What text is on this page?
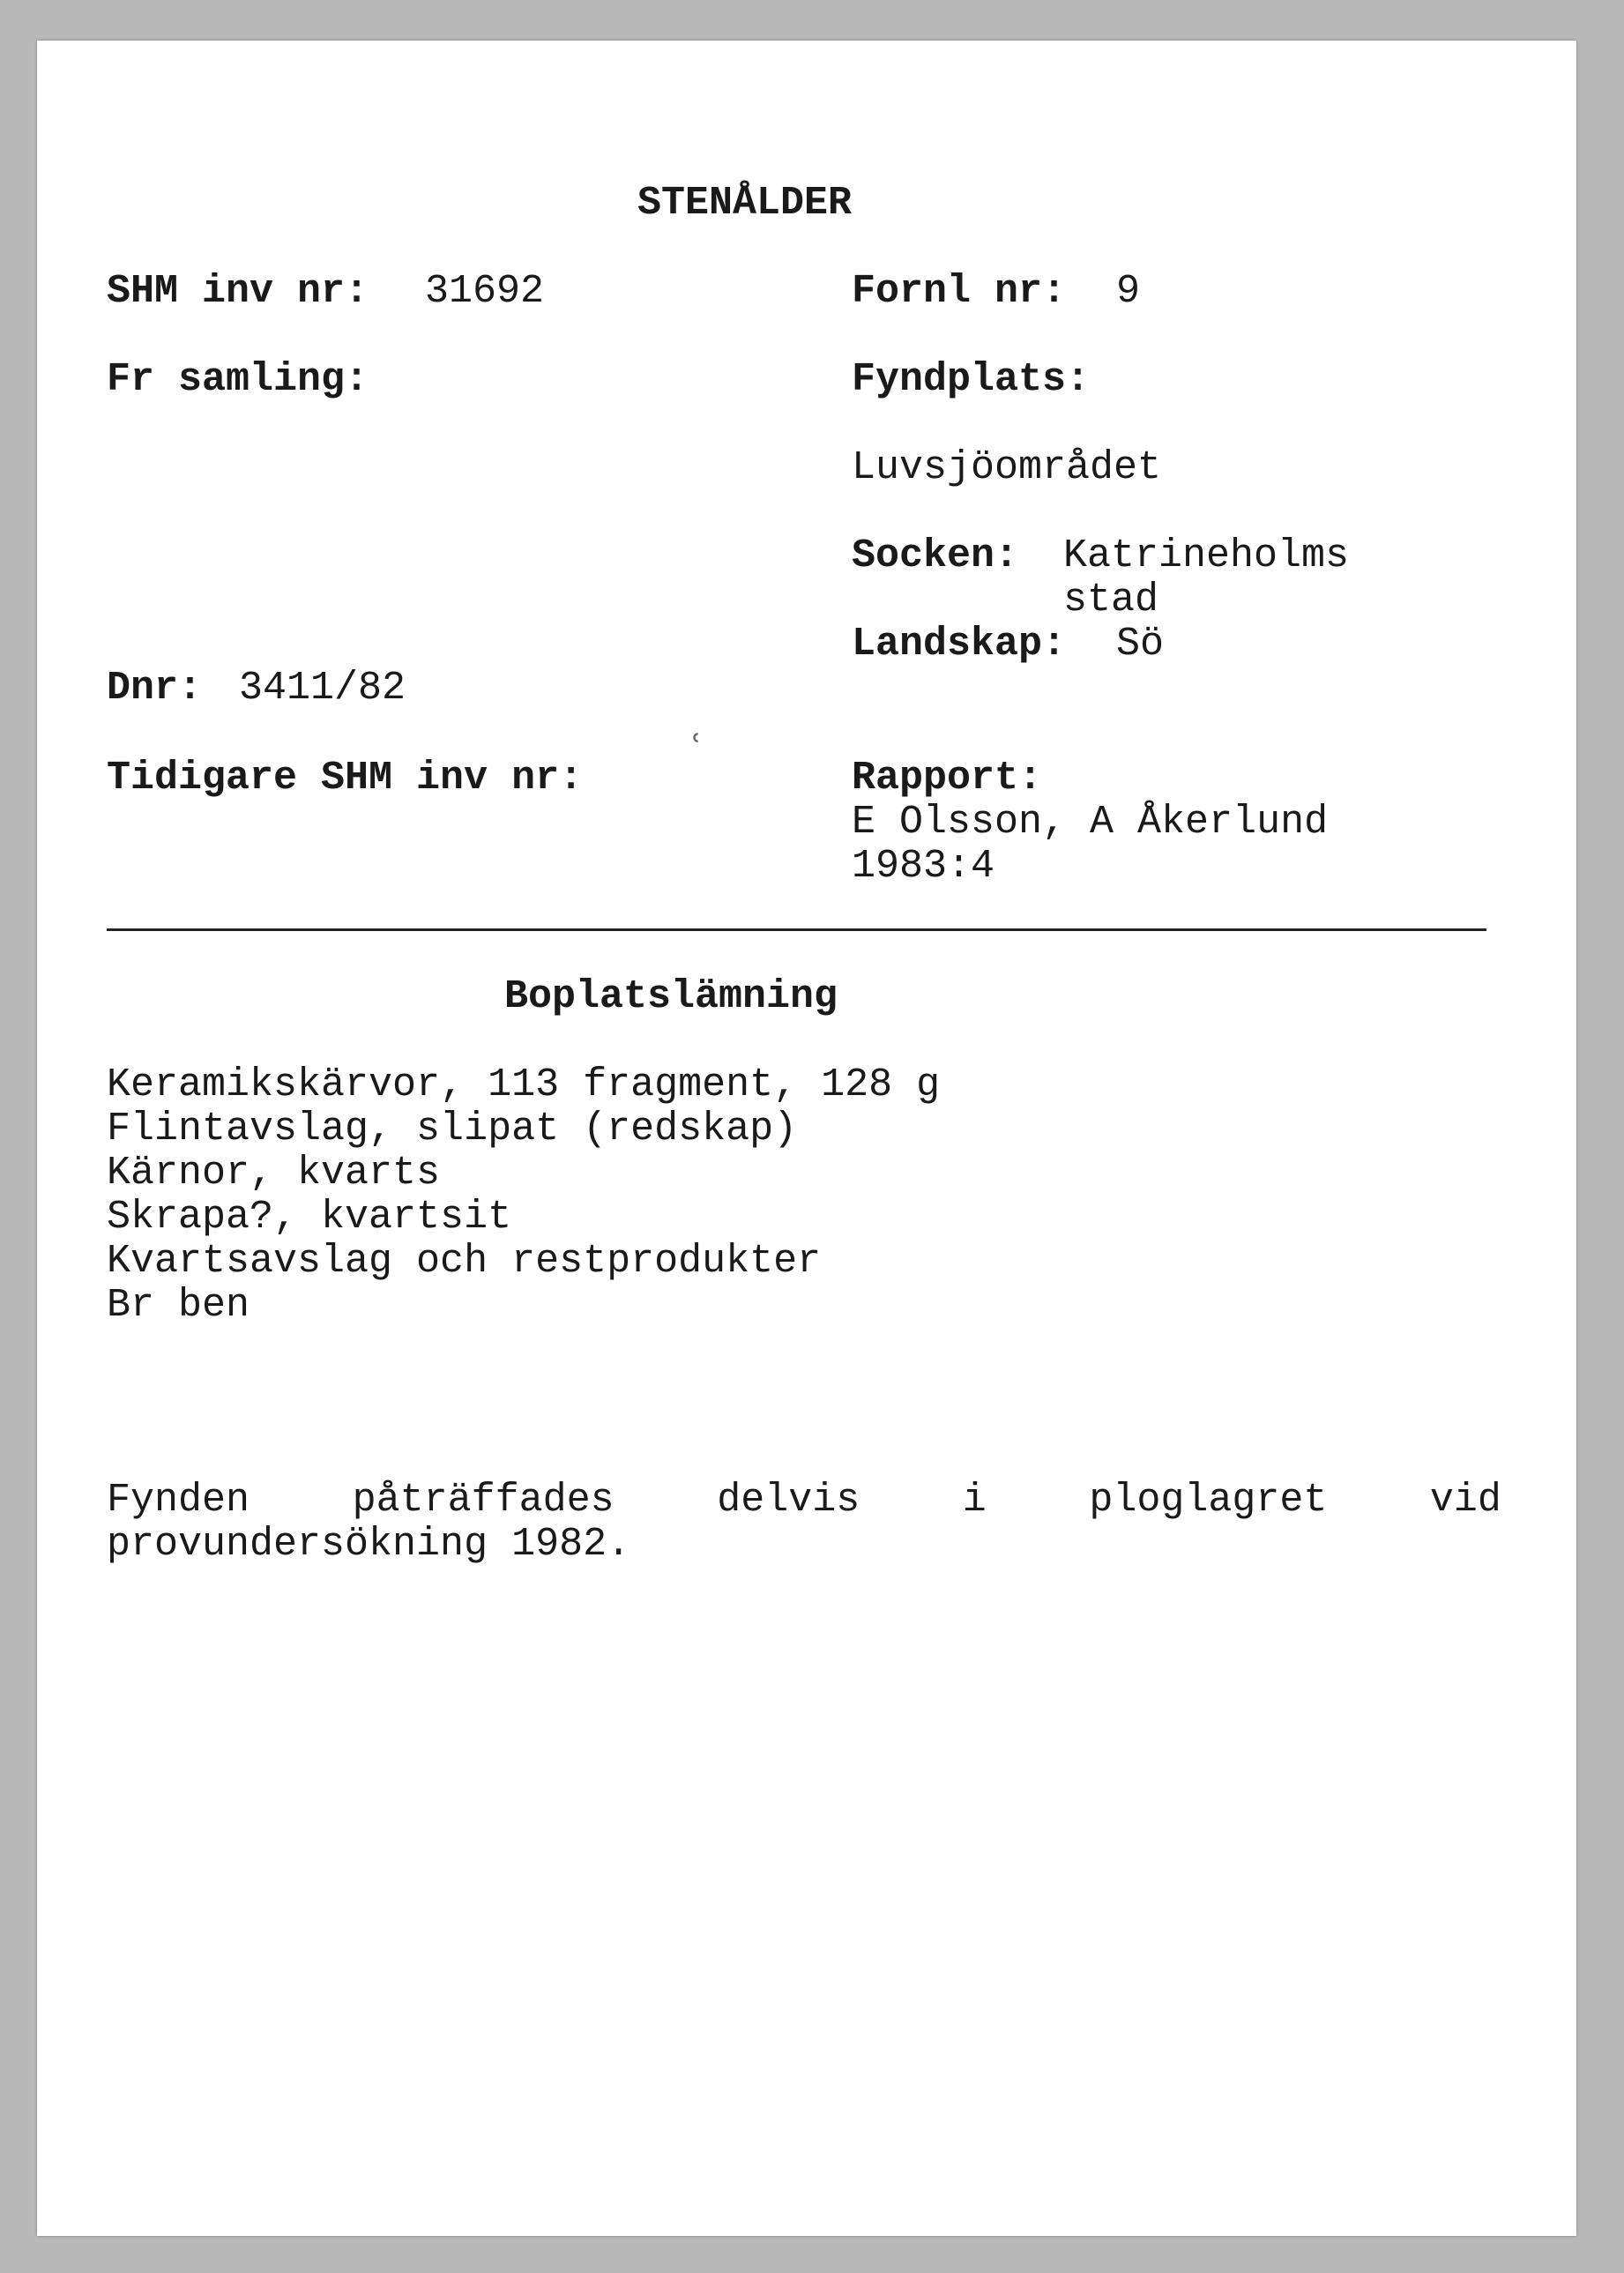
STENÅLDER
SHM inv nr: 31692	Fornl nr: 9
Fr samling:	Fyndplats:
Luvsjöområdet
Socken: Katrineholms
stad
Landskap: Sö
Dnr: 3411/82
Tidigare SHM inv nr:	Rapport:
E Olsson, A Åkerlund
1983:4
˓
Boplatslämning
Keramikskärvor, 113 fragment, 128 g
Flintavslag, slipat (redskap)
Kärnor, kvarts
Skrapa?, kvartsit
Kvartsavslag och restprodukter
Br ben
Fynden	påträffades	delvis	i	ploglagret	vid
provundersökning 1982.
